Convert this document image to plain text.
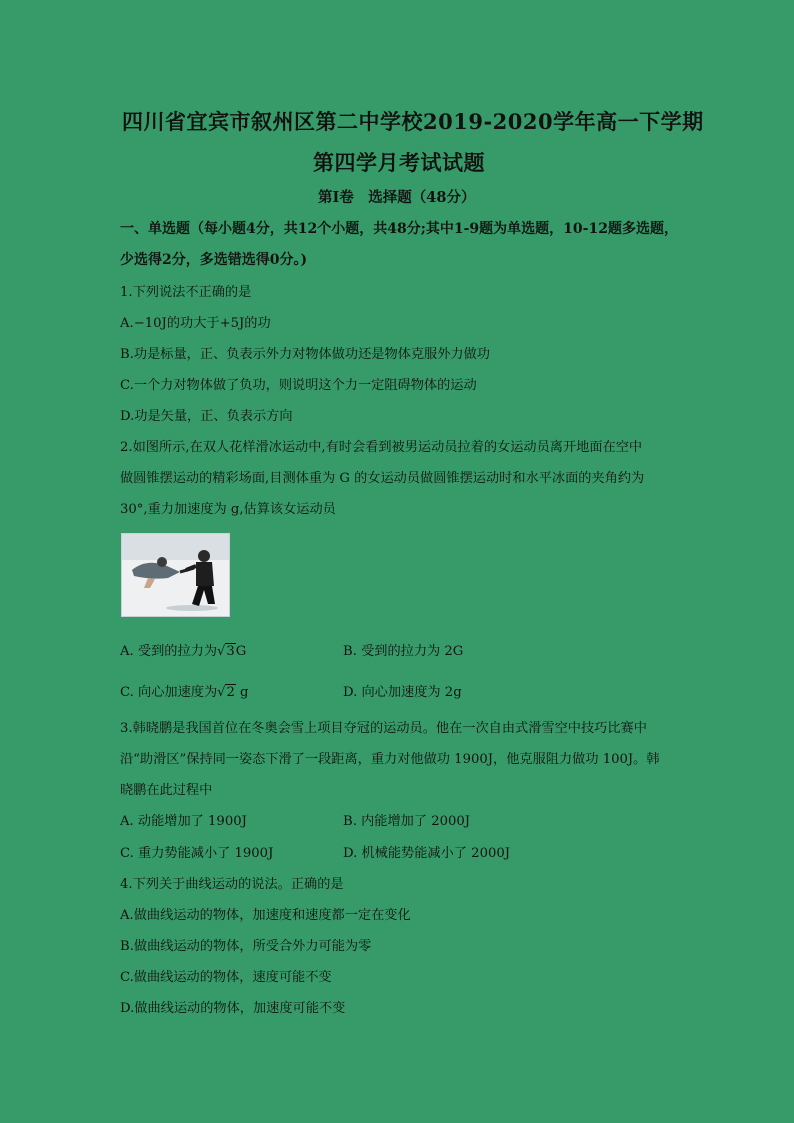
四川省宜宾市叙州区第二中学校2019-2020学年高一下学期
第四学月考试试题
第Ⅰ卷　选择题（48分）
一、单选题（每小题4分，共12个小题，共48分;其中1-9题为单选题，10-12题多选题，
少选得2分，多选错选得0分。)
1.下列说法不正确的是
A.−10J的功大于+5J的功
B.功是标量，正、负表示外力对物体做功还是物体克服外力做功
C.一个力对物体做了负功，则说明这个力一定阻碍物体的运动
D.功是矢量，正、负表示方向
2.如图所示,在双人花样滑冰运动中,有时会看到被男运动员拉着的女运动员离开地面在空中
做圆锥摆运动的精彩场面,目测体重为 G 的女运动员做圆锥摆运动时和水平冰面的夹角约为
30°,重力加速度为 g,估算该女运动员
A. 受到的拉力为√3G	B. 受到的拉力为 2G
C. 向心加速度为√2 g	D. 向心加速度为 2g
3.韩晓鹏是我国首位在冬奥会雪上项目夺冠的运动员。他在一次自由式滑雪空中技巧比赛中
沿“助滑区”保持同一姿态下滑了一段距离，重力对他做功 1900J，他克服阻力做功 100J。韩
晓鹏在此过程中
A. 动能增加了 1900J	B. 内能增加了 2000J
C. 重力势能减小了 1900J	D. 机械能势能减小了 2000J
4.下列关于曲线运动的说法。正确的是
A.做曲线运动的物体，加速度和速度都一定在变化
B.做曲线运动的物体，所受合外力可能为零
C.做曲线运动的物体，速度可能不变
D.做曲线运动的物体，加速度可能不变
